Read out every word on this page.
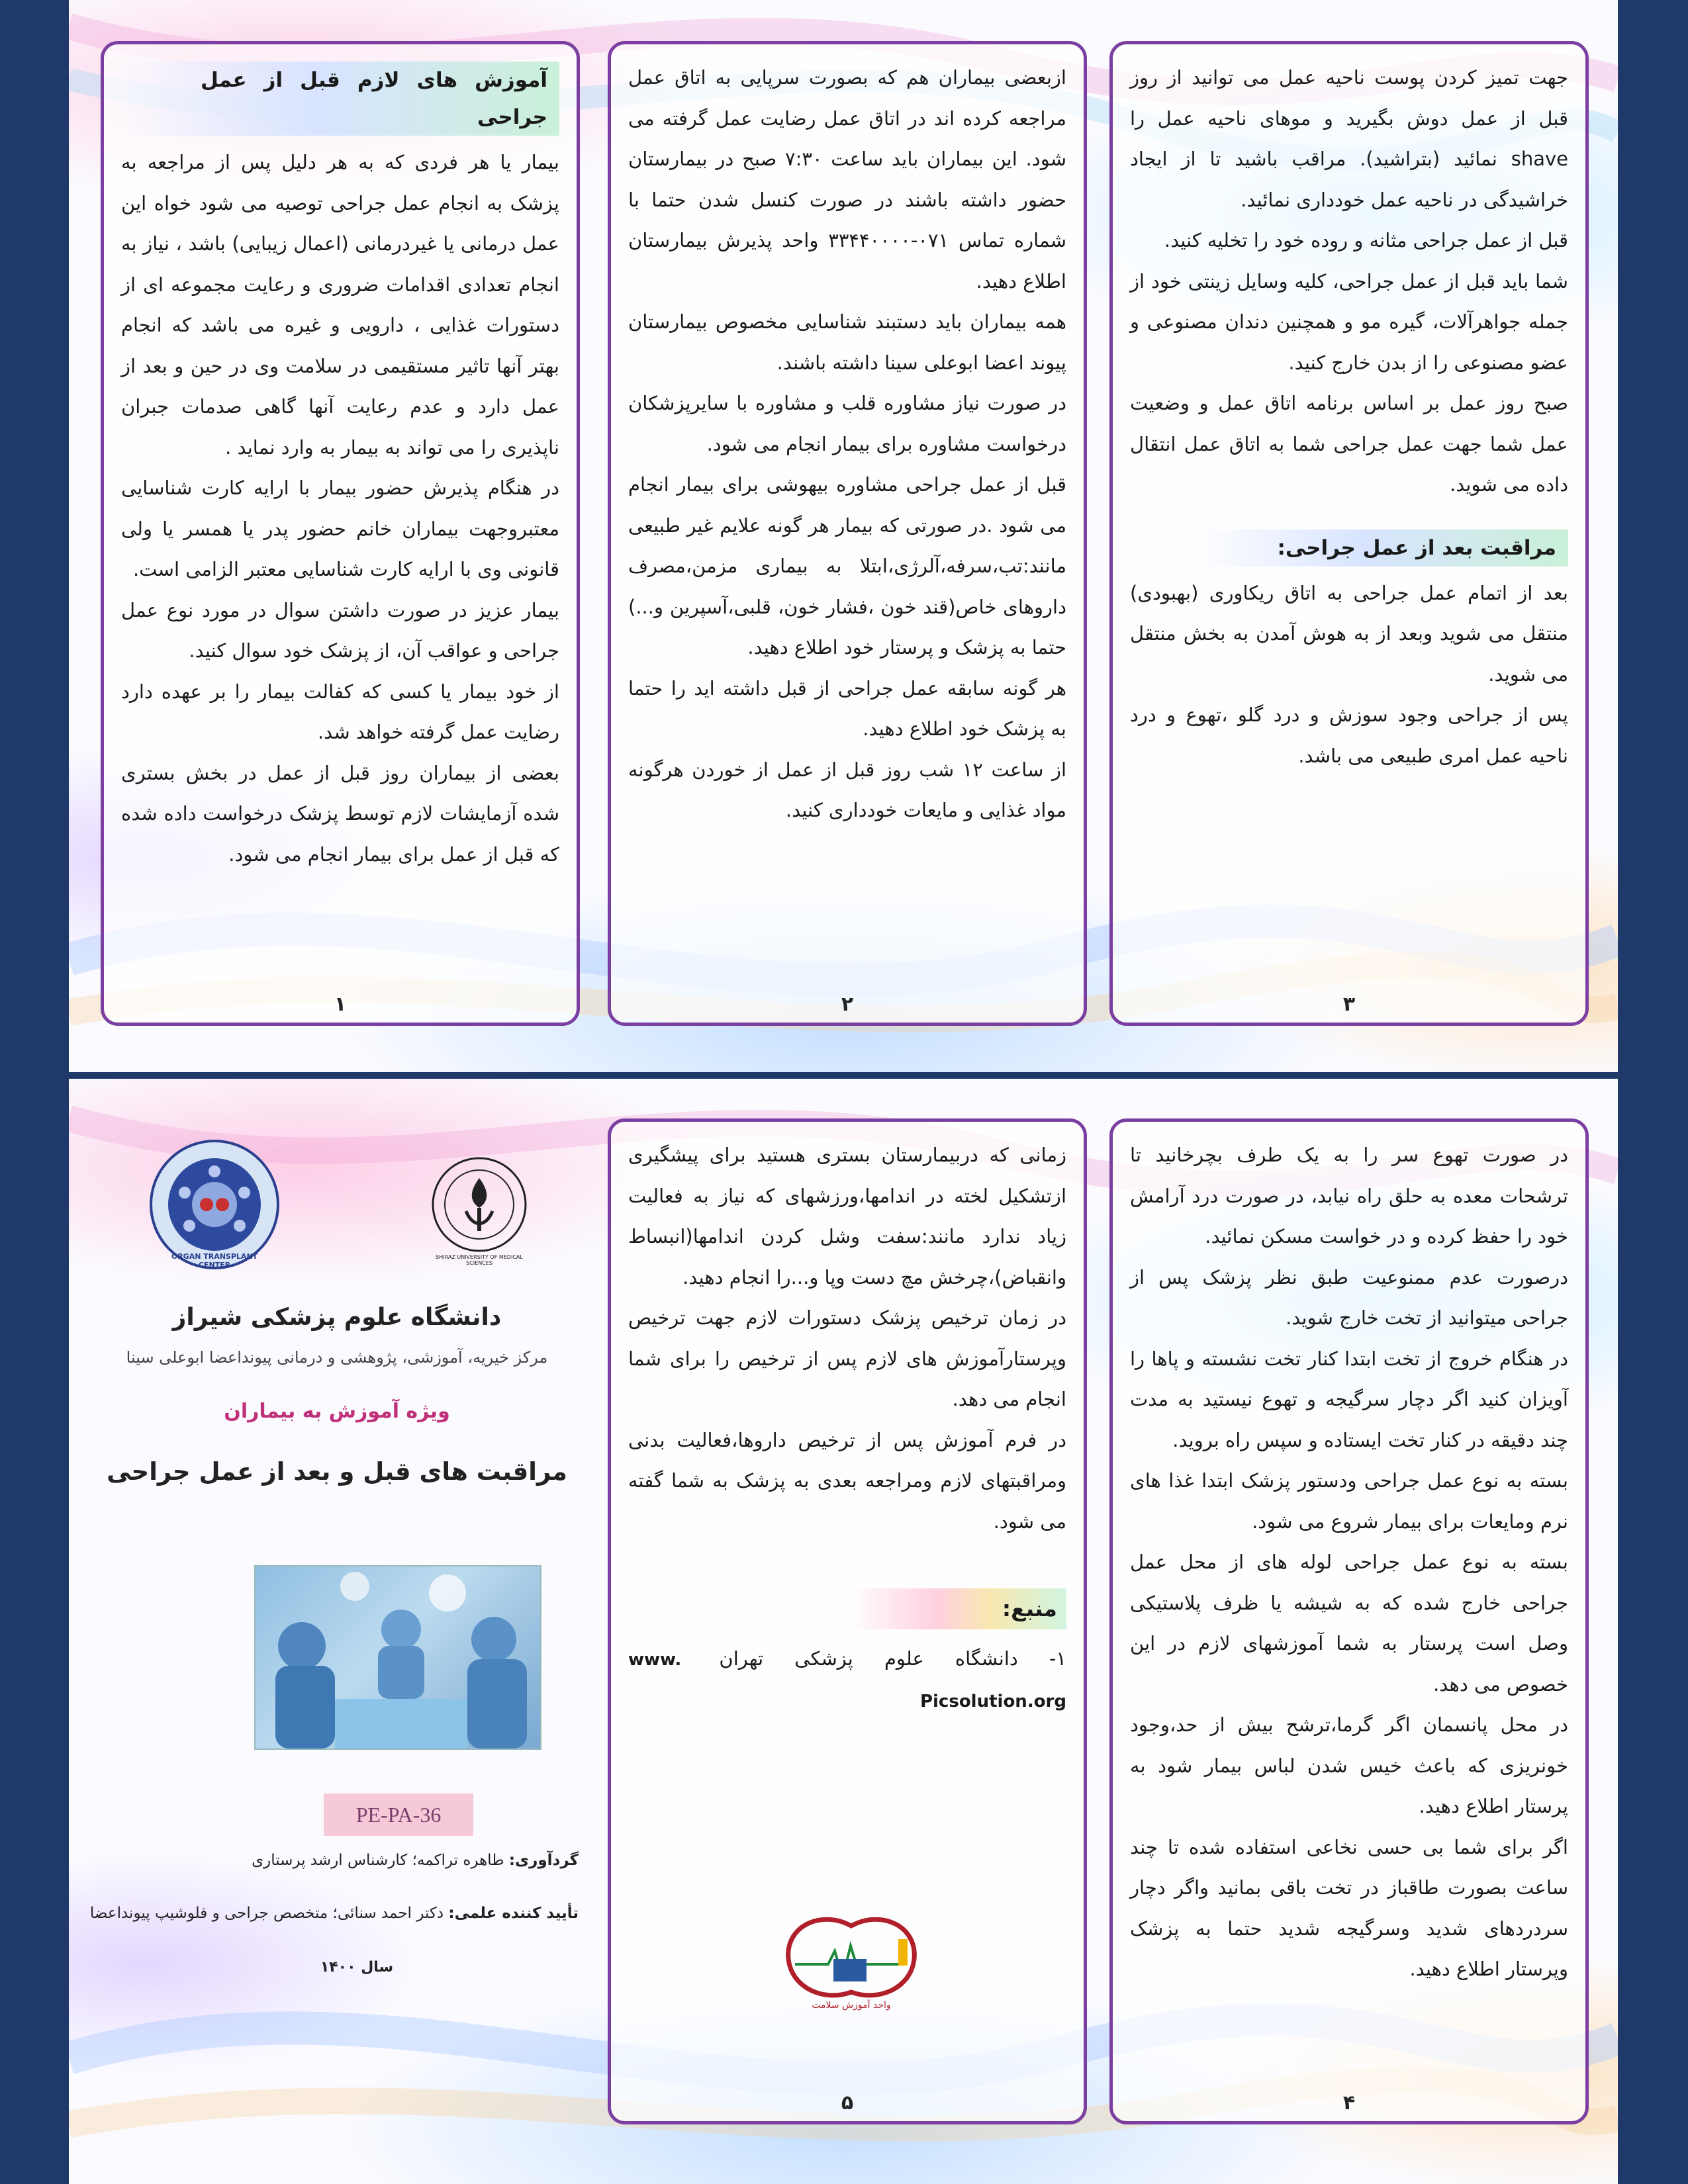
آموزش های لازم قبل از عمل جراحی

بیمار یا هر فردی که به هر دلیل پس از مراجعه به پزشک به انجام عمل جراحی توصیه می شود خواه این عمل درمانی یا غیردرمانی (اعمال زیبایی) باشد ، نیاز به انجام تعدادی اقدامات ضروری و رعایت مجموعه ای از دستورات غذایی ، دارویی و غیره می باشد که انجام بهتر آنها تاثیر مستقیمی در سلامت وی در حین و بعد از عمل دارد و عدم رعایت آنها گاهی صدمات جبران ناپذیری را می تواند به بیمار به وارد نماید .

در هنگام پذیرش حضور بیمار با ارایه کارت شناسایی معتبروجهت بیماران خانم حضور پدر یا همسر یا ولی قانونی وی با ارایه کارت شناسایی معتبر الزامی است.

بیمار عزیز در صورت داشتن سوال در مورد نوع عمل جراحی و عواقب آن، از پزشک خود سوال کنید.

از خود بیمار یا کسی که کفالت بیمار را بر عهده دارد رضایت عمل گرفته خواهد شد.

بعضی از بیماران روز قبل از عمل در بخش بستری شده آزمایشات لازم توسط پزشک درخواست داده شده که قبل از عمل برای بیمار انجام می شود.

۱

ازبعضی بیماران هم که بصورت سرپایی به اتاق عمل مراجعه کرده اند در اتاق عمل رضایت عمل گرفته می شود. این بیماران باید ساعت ۷:۳۰ صبح در بیمارستان حضور داشته باشند در صورت کنسل شدن حتما با شماره تماس ۰۷۱-۳۳۴۴۰۰۰۰ واحد پذیرش بیمارستان اطلاع دهید.

همه بیماران باید دستبند شناسایی مخصوص بیمارستان پیوند اعضا ابوعلی سینا داشته باشند.

در صورت نیاز مشاوره قلب و مشاوره با سایرپزشکان درخواست مشاوره برای بیمار انجام می شود.

قبل از عمل جراحی مشاوره بیهوشی برای بیمار انجام می شود .در صورتی که بیمار هر گونه علایم غیر طبیعی مانند:تب،سرفه،آلرژی،ابتلا به بیماری مزمن،مصرف داروهای خاص(قند خون ،فشار خون، قلبی،آسپرین و...) حتما به پزشک و پرستار خود اطلاع دهید.

هر گونه سابقه عمل جراحی از قبل داشته اید را حتما به پزشک خود اطلاع دهید.

از ساعت ۱۲ شب روز قبل از عمل از خوردن هرگونه مواد غذایی و مایعات خودداری کنید.

۲

جهت تمیز کردن پوست ناحیه عمل می توانید از روز قبل از عمل دوش بگیرید و موهای ناحیه عمل را shave نمائید (بتراشید). مراقب باشید تا از ایجاد خراشیدگی در ناحیه عمل خودداری نمائید.

قبل از عمل جراحی مثانه و روده خود را تخلیه کنید.

شما باید قبل از عمل جراحی، کلیه وسایل زینتی خود از جمله جواهرآلات، گیره مو و همچنین دندان مصنوعی و عضو مصنوعی را از بدن خارج کنید.

صبح روز عمل بر اساس برنامه اتاق عمل و وضعیت عمل شما جهت عمل جراحی شما به اتاق عمل انتقال داده می شوید.

مراقبت بعد از عمل جراحی:

بعد از اتمام عمل جراحی به اتاق ریکاوری (بهبودی) منتقل می شوید وبعد از به هوش آمدن به بخش منتقل می شوید.

پس از جراحی وجود سوزش و درد گلو ،تهوع و درد ناحیه عمل امری طبیعی می باشد.

۳
ORGAN TRANSPLANT CENTER
SHIRAZ UNIVERSITY OF MEDICAL SCIENCES
دانشگاه علوم پزشکی شیراز
مرکز خیریه، آموزشی، پژوهشی و درمانی پیونداعضا ابوعلی سینا
ویژه آموزش به بیماران
مراقبت های قبل و بعد از عمل جراحی
PE-PA-36
گردآوری: طاهره تراکمه؛ کارشناس ارشد پرستاری
تأیید کننده علمی: دکتر احمد سنائی؛ متخصص جراحی و فلوشیپ پیونداعضا
سال ۱۴۰۰

زمانی که دربیمارستان بستری هستید برای پیشگیری ازتشکیل لخته در اندامها،ورزشهای که نیاز به فعالیت زیاد ندارد مانند:سفت وشل کردن اندامها(انبساط وانقباض)،چرخش مچ دست وپا و...را انجام دهید.

در زمان ترخیص پزشک دستورات لازم جهت ترخیص وپرستارآموزش های لازم پس از ترخیص را برای شما انجام می دهد.

در فرم آموزش پس از ترخیص داروها،فعالیت بدنی ومراقبتهای لازم ومراجعه بعدی به پزشک به شما گفته می شود.

منبع:

۱- دانشگاه علوم پزشکی تهران www. Picsolution.org

واحد آموزش سلامت
۵

در صورت تهوع سر را به یک طرف بچرخانید تا ترشحات معده به حلق راه نیابد، در صورت درد آرامش خود را حفظ کرده و در خواست مسکن نمائید.

درصورت عدم ممنوعیت طبق نظر پزشک پس از جراحی میتوانید از تخت خارج شوید.

در هنگام خروج از تخت ابتدا کنار تخت نشسته و پاها را آویزان کنید اگر دچار سرگیجه و تهوع نیستید به مدت چند دقیقه در کنار تخت ایستاده و سپس راه بروید.

بسته به نوع عمل جراحی ودستور پزشک ابتدا غذا های نرم ومایعات برای بیمار شروع می شود.

بسته به نوع عمل جراحی لوله های از محل عمل جراحی خارج شده که به شیشه یا ظرف پلاستیکی وصل است پرستار به شما آموزشهای لازم در این خصوص می دهد.

در محل پانسمان اگر گرما،ترشح بیش از حد،وجود خونریزی که باعث خیس شدن لباس بیمار شود به پرستار اطلاع دهید.

اگر برای شما بی حسی نخاعی استفاده شده تا چند ساعت بصورت طاقباز در تخت باقی بمانید واگر دچار سردردهای شدید وسرگیجه شدید حتما به پزشک وپرستار اطلاع دهید.

۴
